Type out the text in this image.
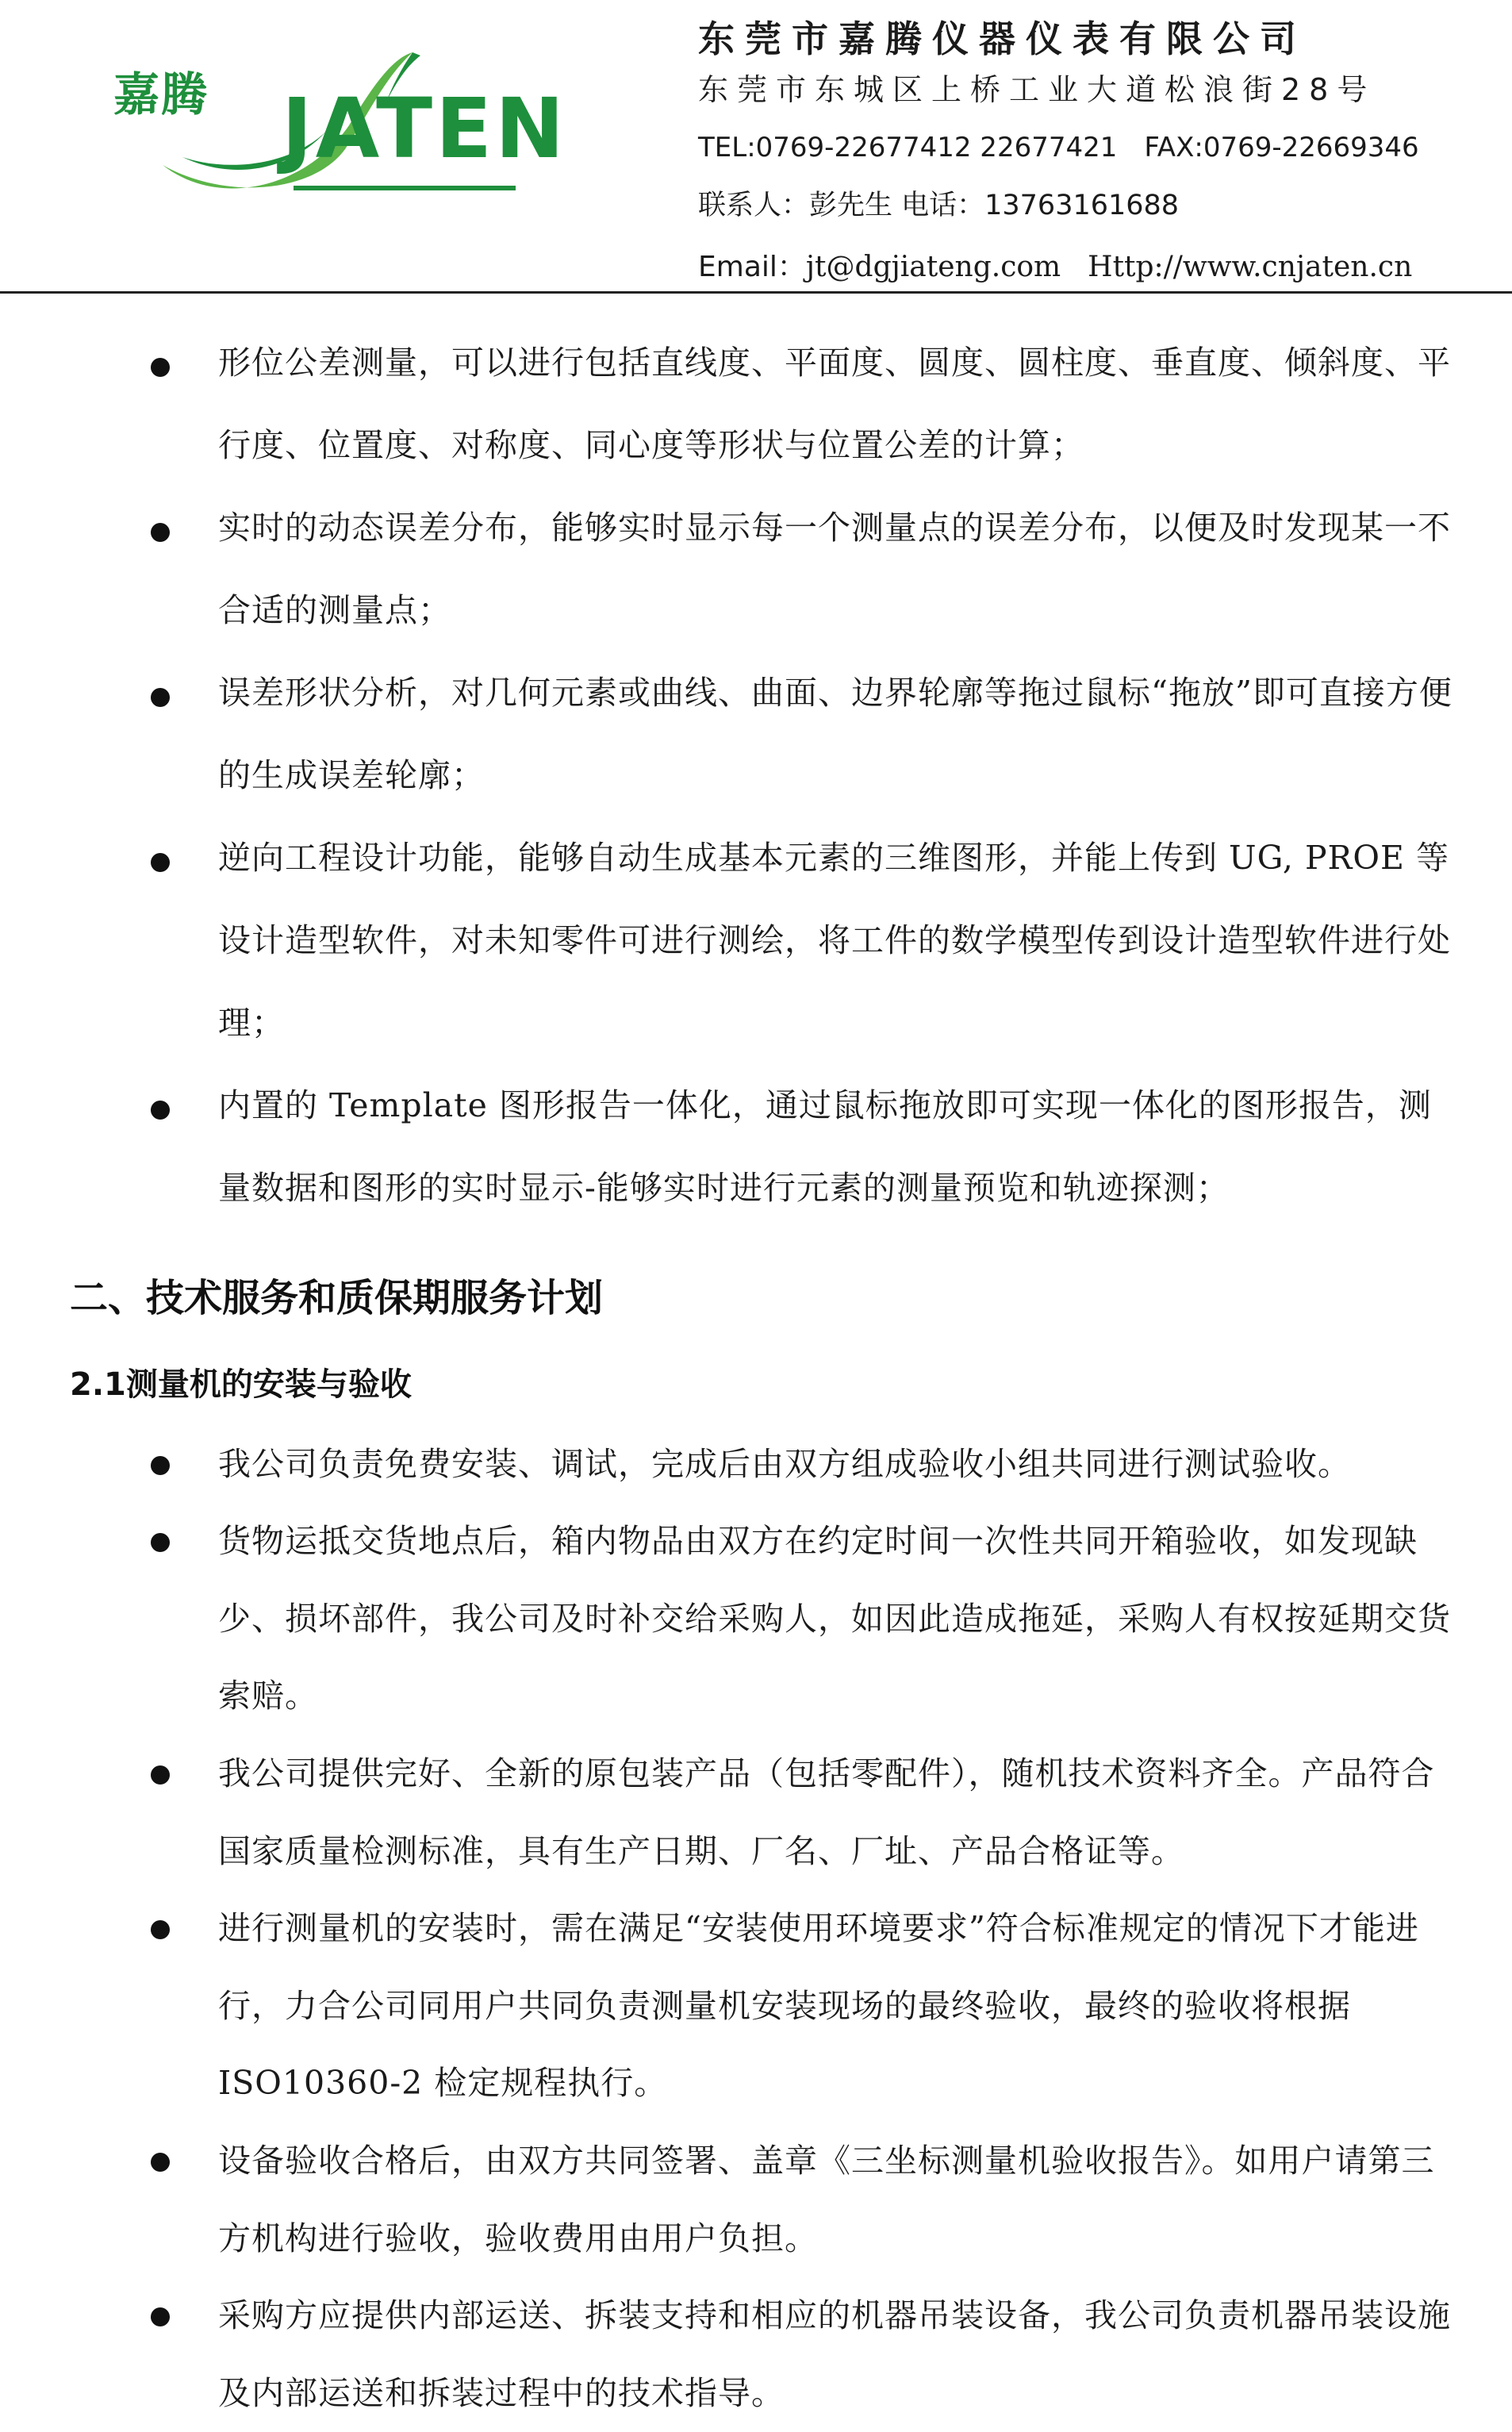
嘉腾 JATEN
东莞市嘉腾仪器仪表有限公司
东莞市东城区上桥工业大道松浪街28号
TEL:0769-22677412 22677421 FAX:0769-22669346
联系人：彭先生 电话：13763161688
Email：jt@dgjiateng.com Http://www.cnjaten.cn

形位公差测量，可以进行包括直线度、平面度、圆度、圆柱度、垂直度、倾斜度、平行度、位置度、对称度、同心度等形状与位置公差的计算；

实时的动态误差分布，能够实时显示每一个测量点的误差分布，以便及时发现某一不合适的测量点；

误差形状分析，对几何元素或曲线、曲面、边界轮廓等拖过鼠标“拖放”即可直接方便的生成误差轮廓；

逆向工程设计功能，能够自动生成基本元素的三维图形，并能上传到 UG, PROE 等设计造型软件，对未知零件可进行测绘，将工件的数学模型传到设计造型软件进行处理；

内置的 Template 图形报告一体化，通过鼠标拖放即可实现一体化的图形报告，测量数据和图形的实时显示-能够实时进行元素的测量预览和轨迹探测；

二、技术服务和质保期服务计划
2.1测量机的安装与验收

我公司负责免费安装、调试，完成后由双方组成验收小组共同进行测试验收。

货物运抵交货地点后，箱内物品由双方在约定时间一次性共同开箱验收，如发现缺少、损坏部件，我公司及时补交给采购人，如因此造成拖延，采购人有权按延期交货索赔。

我公司提供完好、全新的原包装产品（包括零配件），随机技术资料齐全。产品符合国家质量检测标准，具有生产日期、厂名、厂址、产品合格证等。

进行测量机的安装时，需在满足“安装使用环境要求”符合标准规定的情况下才能进行，力合公司同用户共同负责测量机安装现场的最终验收，最终的验收将根据 ISO10360-2 检定规程执行。

设备验收合格后，由双方共同签署、盖章《三坐标测量机验收报告》。如用户请第三方机构进行验收，验收费用由用户负担。

采购方应提供内部运送、拆装支持和相应的机器吊装设备，我公司负责机器吊装设施及内部运送和拆装过程中的技术指导。
